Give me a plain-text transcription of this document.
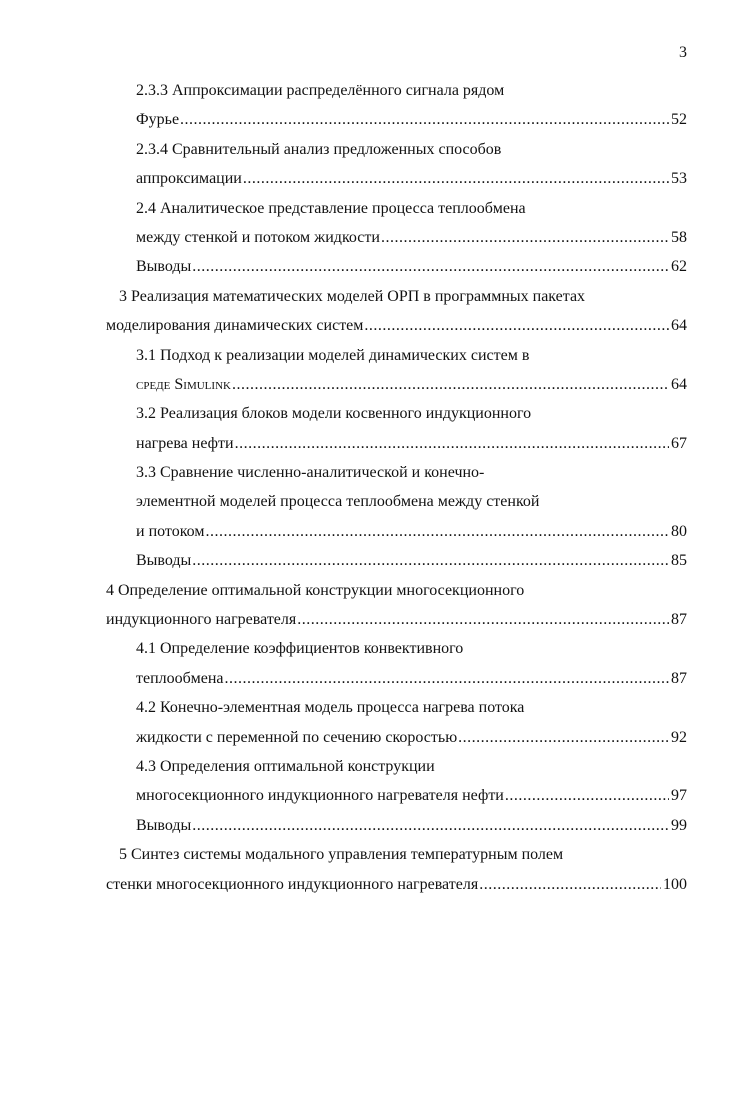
3
2.3.3 Аппроксимации распределённого сигнала рядом
Фурье .....	52
2.3.4 Сравнительный анализ предложенных способов
аппроксимации .....	53
2.4 Аналитическое представление процесса теплообмена
между стенкой и потоком жидкости .....	58
Выводы .....	62
3 Реализация математических моделей ОРП в программных пакетах
моделирования динамических систем .....	64
3.1 Подход к реализации моделей динамических систем в
среде Simulink .....	64
3.2 Реализация блоков модели косвенного индукционного
нагрева нефти .....	67
3.3 Сравнение численно-аналитической и конечно-
элементной моделей процесса теплообмена между стенкой
и потоком .....	80
Выводы .....	85
4 Определение оптимальной конструкции многосекционного
индукционного нагревателя .....	87
4.1 Определение коэффициентов конвективного
теплообмена .....	87
4.2 Конечно-элементная модель процесса нагрева потока
жидкости с переменной по сечению скоростью .....	92
4.3 Определения оптимальной конструкции
многосекционного индукционного нагревателя нефти .....	97
Выводы .....	99
5 Синтез системы модального управления температурным полем
стенки многосекционного индукционного нагревателя .....	100
